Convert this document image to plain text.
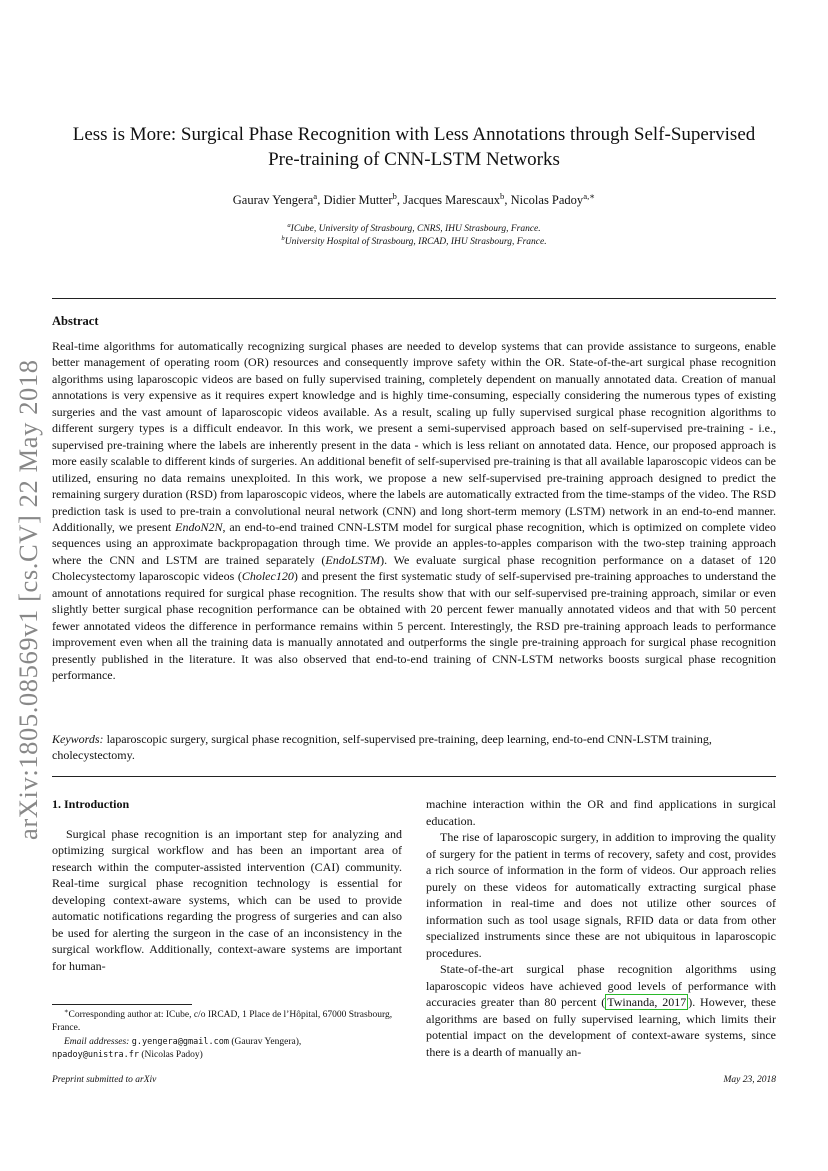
arXiv:1805.08569v1 [cs.CV] 22 May 2018
Less is More: Surgical Phase Recognition with Less Annotations through Self-Supervised
Pre-training of CNN-LSTM Networks
Gaurav Yengera$^a$, Didier Mutter$^b$, Jacques Marescaux$^b$, Nicolas Padoy$^{a,∗}$
$^a$ICube, University of Strasbourg, CNRS, IHU Strasbourg, France.
$^b$University Hospital of Strasbourg, IRCAD, IHU Strasbourg, France.
Abstract

Real-time algorithms for automatically recognizing surgical phases are needed to develop systems that can provide assistance to surgeons, enable better management of operating room (OR) resources and consequently improve safety within the OR. State-of-the-art surgical phase recognition algorithms using laparoscopic videos are based on fully supervised training, completely dependent on manually annotated data. Creation of manual annotations is very expensive as it requires expert knowledge and is highly time-consuming, especially considering the numerous types of existing surgeries and the vast amount of laparoscopic videos available. As a result, scaling up fully supervised surgical phase recognition algorithms to different surgery types is a difficult endeavor. In this work, we present a semi-supervised approach based on self-supervised pre-training - i.e., supervised pre-training where the labels are inherently present in the data - which is less reliant on annotated data. Hence, our proposed approach is more easily scalable to different kinds of surgeries. An additional benefit of self-supervised pre-training is that all available laparoscopic videos can be utilized, ensuring no data remains unexploited. In this work, we propose a new self-supervised pre-training approach designed to predict the remaining surgery duration (RSD) from laparoscopic videos, where the labels are automatically extracted from the time-stamps of the video. The RSD prediction task is used to pre-train a convolutional neural network (CNN) and long short-term memory (LSTM) network in an end-to-end manner. Additionally, we present EndoN2N, an end-to-end trained CNN-LSTM model for surgical phase recognition, which is optimized on complete video sequences using an approximate backpropagation through time. We provide an apples-to-apples comparison with the two-step training approach where the CNN and LSTM are trained separately (EndoLSTM). We evaluate surgical phase recognition performance on a dataset of 120 Cholecystectomy laparoscopic videos (Cholec120) and present the first systematic study of self-supervised pre-training approaches to understand the amount of annotations required for surgical phase recognition. The results show that with our self-supervised pre-training approach, similar or even slightly better surgical phase recognition performance can be obtained with 20 percent fewer manually annotated videos and that with 50 percent fewer annotated videos the difference in performance remains within 5 percent. Interestingly, the RSD pre-training approach leads to performance improvement even when all the training data is manually annotated and outperforms the single pre-training approach for surgical phase recognition presently published in the literature. It was also observed that end-to-end training of CNN-LSTM networks boosts surgical phase recognition performance.

Keywords: laparoscopic surgery, surgical phase recognition, self-supervised pre-training, deep learning, end-to-end CNN-LSTM training, cholecystectomy.

1. Introduction

Surgical phase recognition is an important step for analyzing and optimizing surgical workflow and has been an important area of research within the computer-assisted intervention (CAI) community. Real-time surgical phase recognition technology is essential for developing context-aware systems, which can be used to provide automatic notifications regarding the progress of surgeries and can also be used for alerting the surgeon in the case of an inconsistency in the surgical workflow. Additionally, context-aware systems are important for human-

machine interaction within the OR and find applications in surgical education.

The rise of laparoscopic surgery, in addition to improving the quality of surgery for the patient in terms of recovery, safety and cost, provides a rich source of information in the form of videos. Our approach relies purely on these videos for automatically extracting surgical phase information in real-time and does not utilize other sources of information such as tool usage signals, RFID data or data from other specialized instruments since these are not ubiquitous in laparoscopic procedures.

State-of-the-art surgical phase recognition algorithms using laparoscopic videos have achieved good levels of performance with accuracies greater than 80 percent ( Twinanda, 2017 ). However, these algorithms are based on fully supervised learning, which limits their potential impact on the development of context-aware systems, since there is a dearth of manually an-

∗Corresponding author at: ICube, c/o IRCAD, 1 Place de l’Hôpital, 67000 Strasbourg, France.

Email addresses: g.yengera@gmail.com (Gaurav Yengera),

npadoy@unistra.fr (Nicolas Padoy)

Preprint submitted to arXiv	May 23, 2018
